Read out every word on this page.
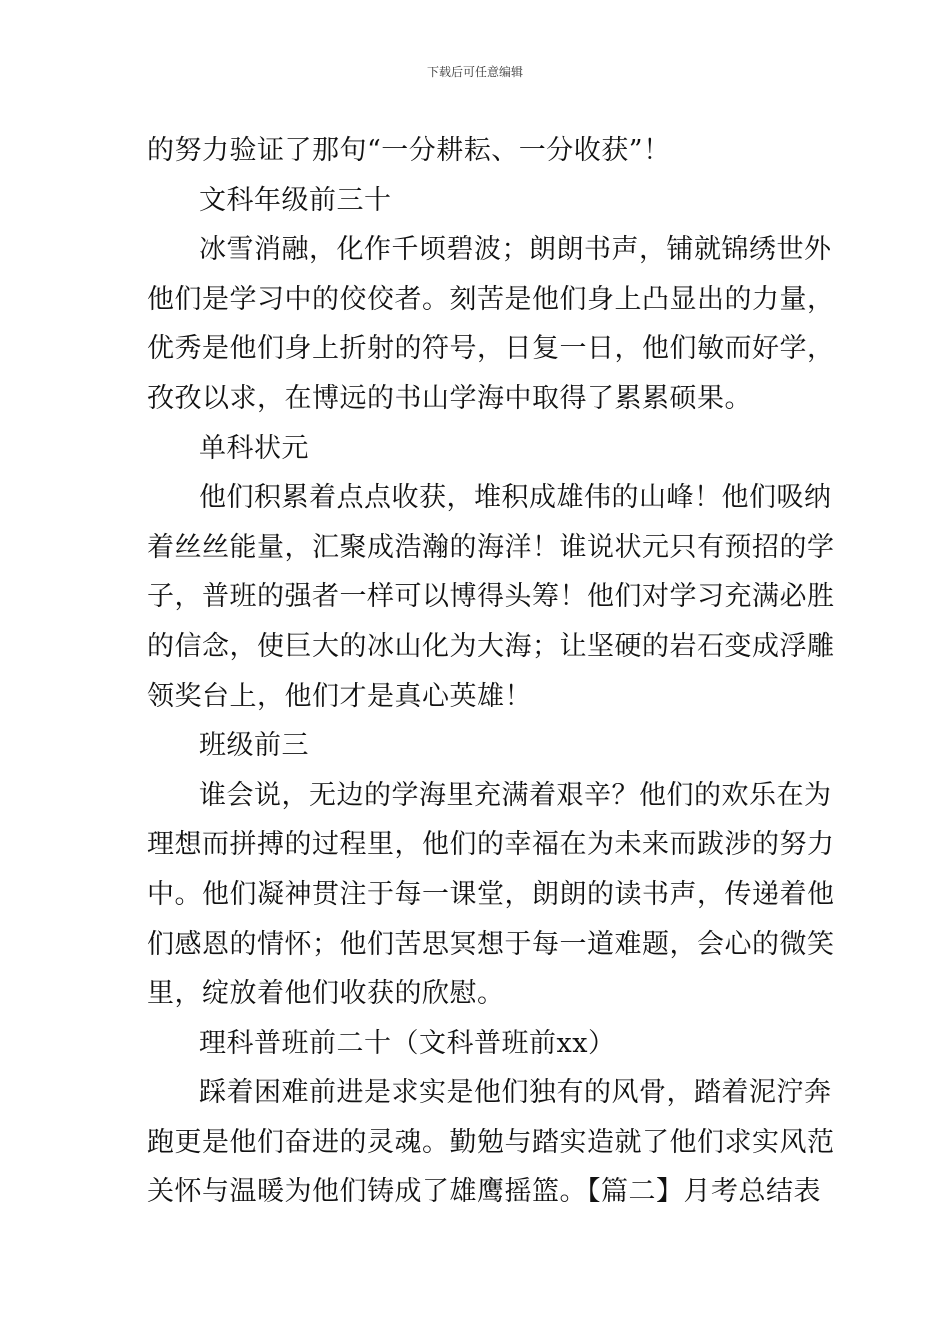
下载后可任意编辑
的努力验证了那句“一分耕耘、一分收获”！
文科年级前三十
冰雪消融，化作千顷碧波；朗朗书声，铺就锦绣世外
他们是学习中的佼佼者。刻苦是他们身上凸显出的力量，
优秀是他们身上折射的符号，日复一日，他们敏而好学，
孜孜以求，在博远的书山学海中取得了累累硕果。
单科状元
他们积累着点点收获，堆积成雄伟的山峰！他们吸纳
着丝丝能量，汇聚成浩瀚的海洋！谁说状元只有预招的学
子，普班的强者一样可以博得头筹！他们对学习充满必胜
的信念，使巨大的冰山化为大海；让坚硬的岩石变成浮雕
领奖台上，他们才是真心英雄！
班级前三
谁会说，无边的学海里充满着艰辛？他们的欢乐在为
理想而拼搏的过程里，他们的幸福在为未来而跋涉的努力
中。他们凝神贯注于每一课堂，朗朗的读书声，传递着他
们感恩的情怀；他们苦思冥想于每一道难题，会心的微笑
里，绽放着他们收获的欣慰。
理科普班前二十（文科普班前xx）
踩着困难前进是求实是他们独有的风骨，踏着泥泞奔
跑更是他们奋进的灵魂。勤勉与踏实造就了他们求实风范
关怀与温暖为他们铸成了雄鹰摇篮。【篇二】月考总结表
